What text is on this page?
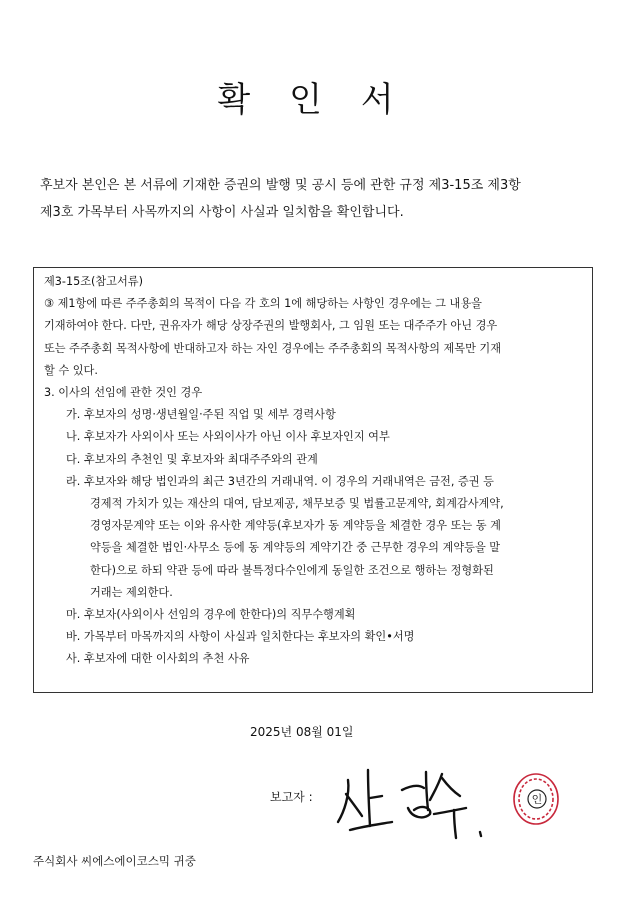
확 인 서
후보자 본인은 본 서류에 기재한 증권의 발행 및 공시 등에 관한 규정 제3-15조 제3항
제3호 가목부터 사목까지의 사항이 사실과 일치함을 확인합니다.
제3-15조(참고서류)
③ 제1항에 따른 주주총회의 목적이 다음 각 호의 1에 해당하는 사항인 경우에는 그 내용을
기재하여야 한다. 다만, 권유자가 해당 상장주권의 발행회사, 그 임원 또는 대주주가 아닌 경우
또는 주주총회 목적사항에 반대하고자 하는 자인 경우에는 주주총회의 목적사항의 제목만 기재
할 수 있다.
3. 이사의 선임에 관한 것인 경우
가. 후보자의 성명·생년월일·주된 직업 및 세부 경력사항
나. 후보자가 사외이사 또는 사외이사가 아닌 이사 후보자인지 여부
다. 후보자의 추천인 및 후보자와 최대주주와의 관계
라. 후보자와 해당 법인과의 최근 3년간의 거래내역. 이 경우의 거래내역은 금전, 증권 등
경제적 가치가 있는 재산의 대여, 담보제공, 채무보증 및 법률고문계약, 회계감사계약,
경영자문계약 또는 이와 유사한 계약등(후보자가 동 계약등을 체결한 경우 또는 동 계
약등을 체결한 법인·사무소 등에 동 계약등의 계약기간 중 근무한 경우의 계약등을 말
한다)으로 하되 약관 등에 따라 불특정다수인에게 동일한 조건으로 행하는 정형화된
거래는 제외한다.
마. 후보자(사외이사 선임의 경우에 한한다)의 직무수행계획
바. 가목부터 마목까지의 사항이 사실과 일치한다는 후보자의 확인•서명
사. 후보자에 대한 이사회의 추천 사유
2025년 08월 01일
보고자 :	인
주식회사 씨에스에이코스믹 귀중
